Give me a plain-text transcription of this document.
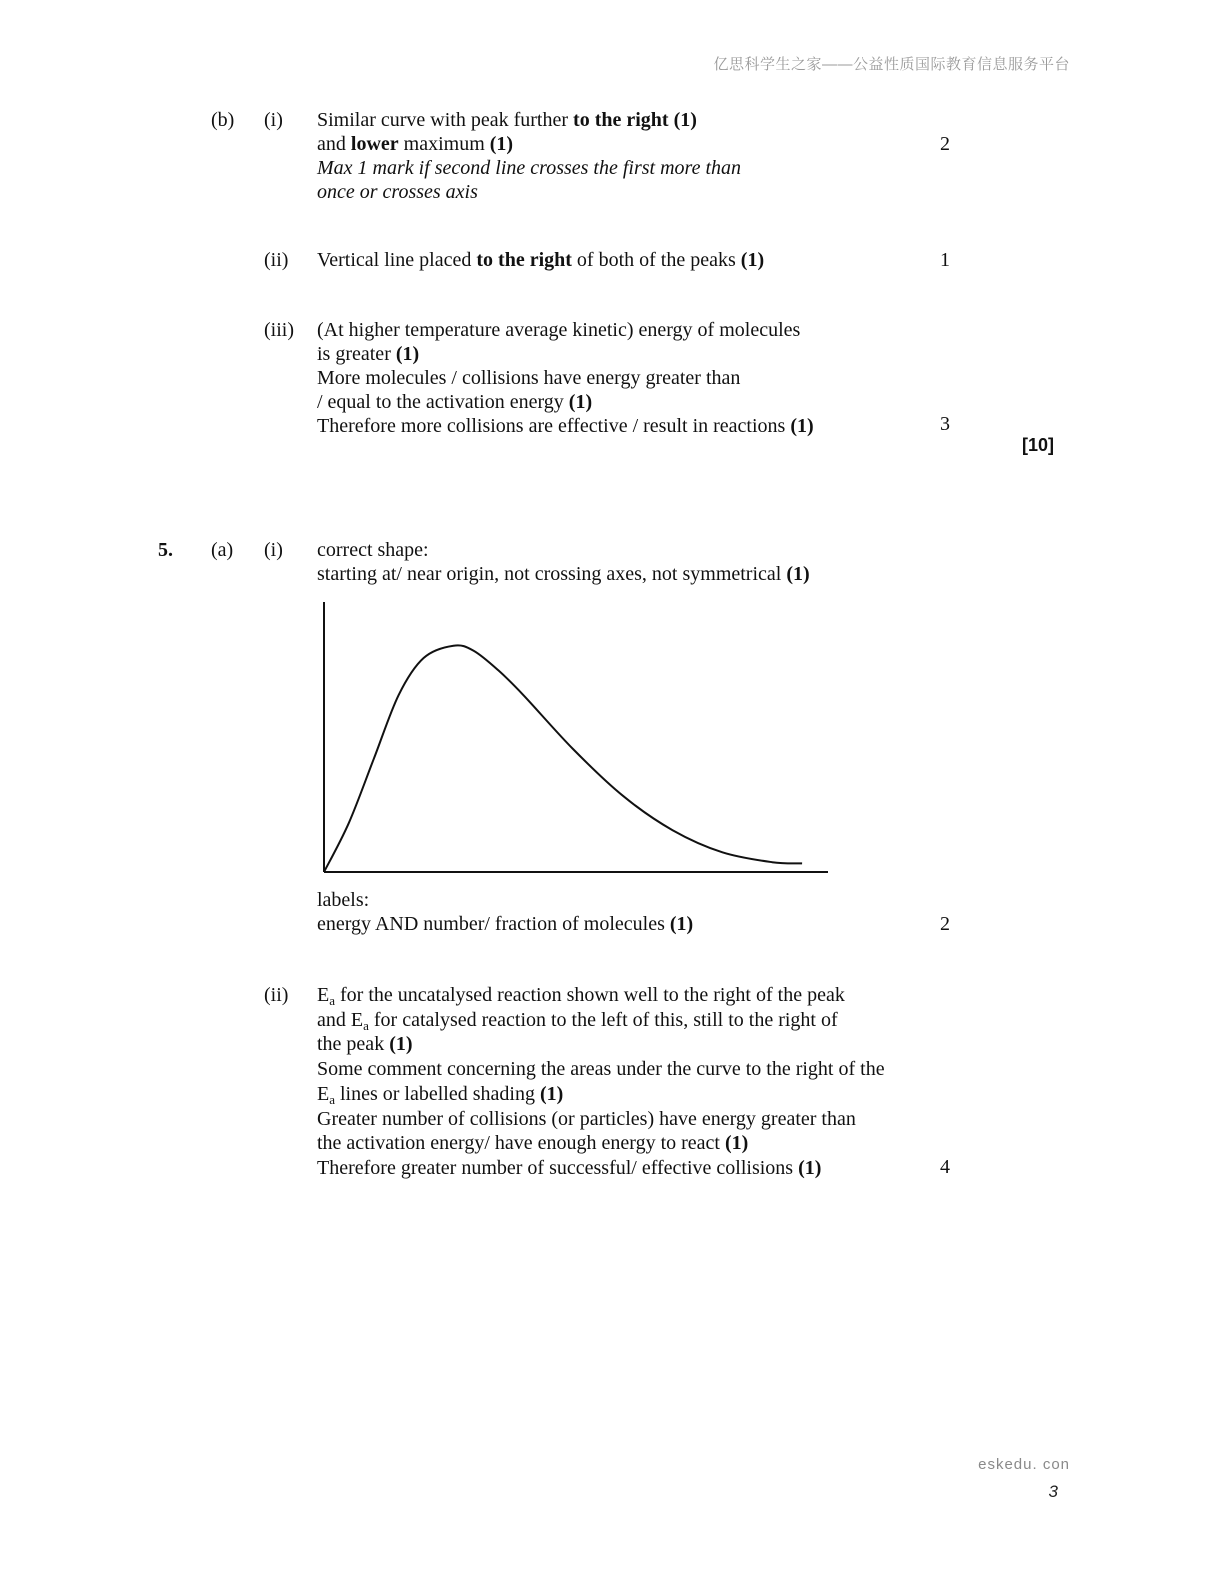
亿思科学生之家——公益性质国际教育信息服务平台
eskedu. con
3
(b) (i) Similar curve with peak further to the right (1)
and lower maximum (1)
Max 1 mark if second line crosses the first more than
once or crosses axis
2
(ii) Vertical line placed to the right of both of the peaks (1)	1
(iii) (At higher temperature average kinetic) energy of molecules
is greater (1)
More molecules / collisions have energy greater than
/ equal to the activation energy (1)
Therefore more collisions are effective / result in reactions (1)	3
[10]
5. (a) (i) correct shape:
starting at/ near origin, not crossing axes, not symmetrical (1)
labels:
energy AND number/ fraction of molecules (1)	2
(ii) $E_a$ for the uncatalysed reaction shown well to the right of the peak
and $E_a$ for catalysed reaction to the left of this, still to the right of
the peak (1)
Some comment concerning the areas under the curve to the right of the
$E_a$ lines or labelled shading (1)
Greater number of collisions (or particles) have energy greater than
the activation energy/ have enough energy to react (1)
Therefore greater number of successful/ effective collisions (1)	4
